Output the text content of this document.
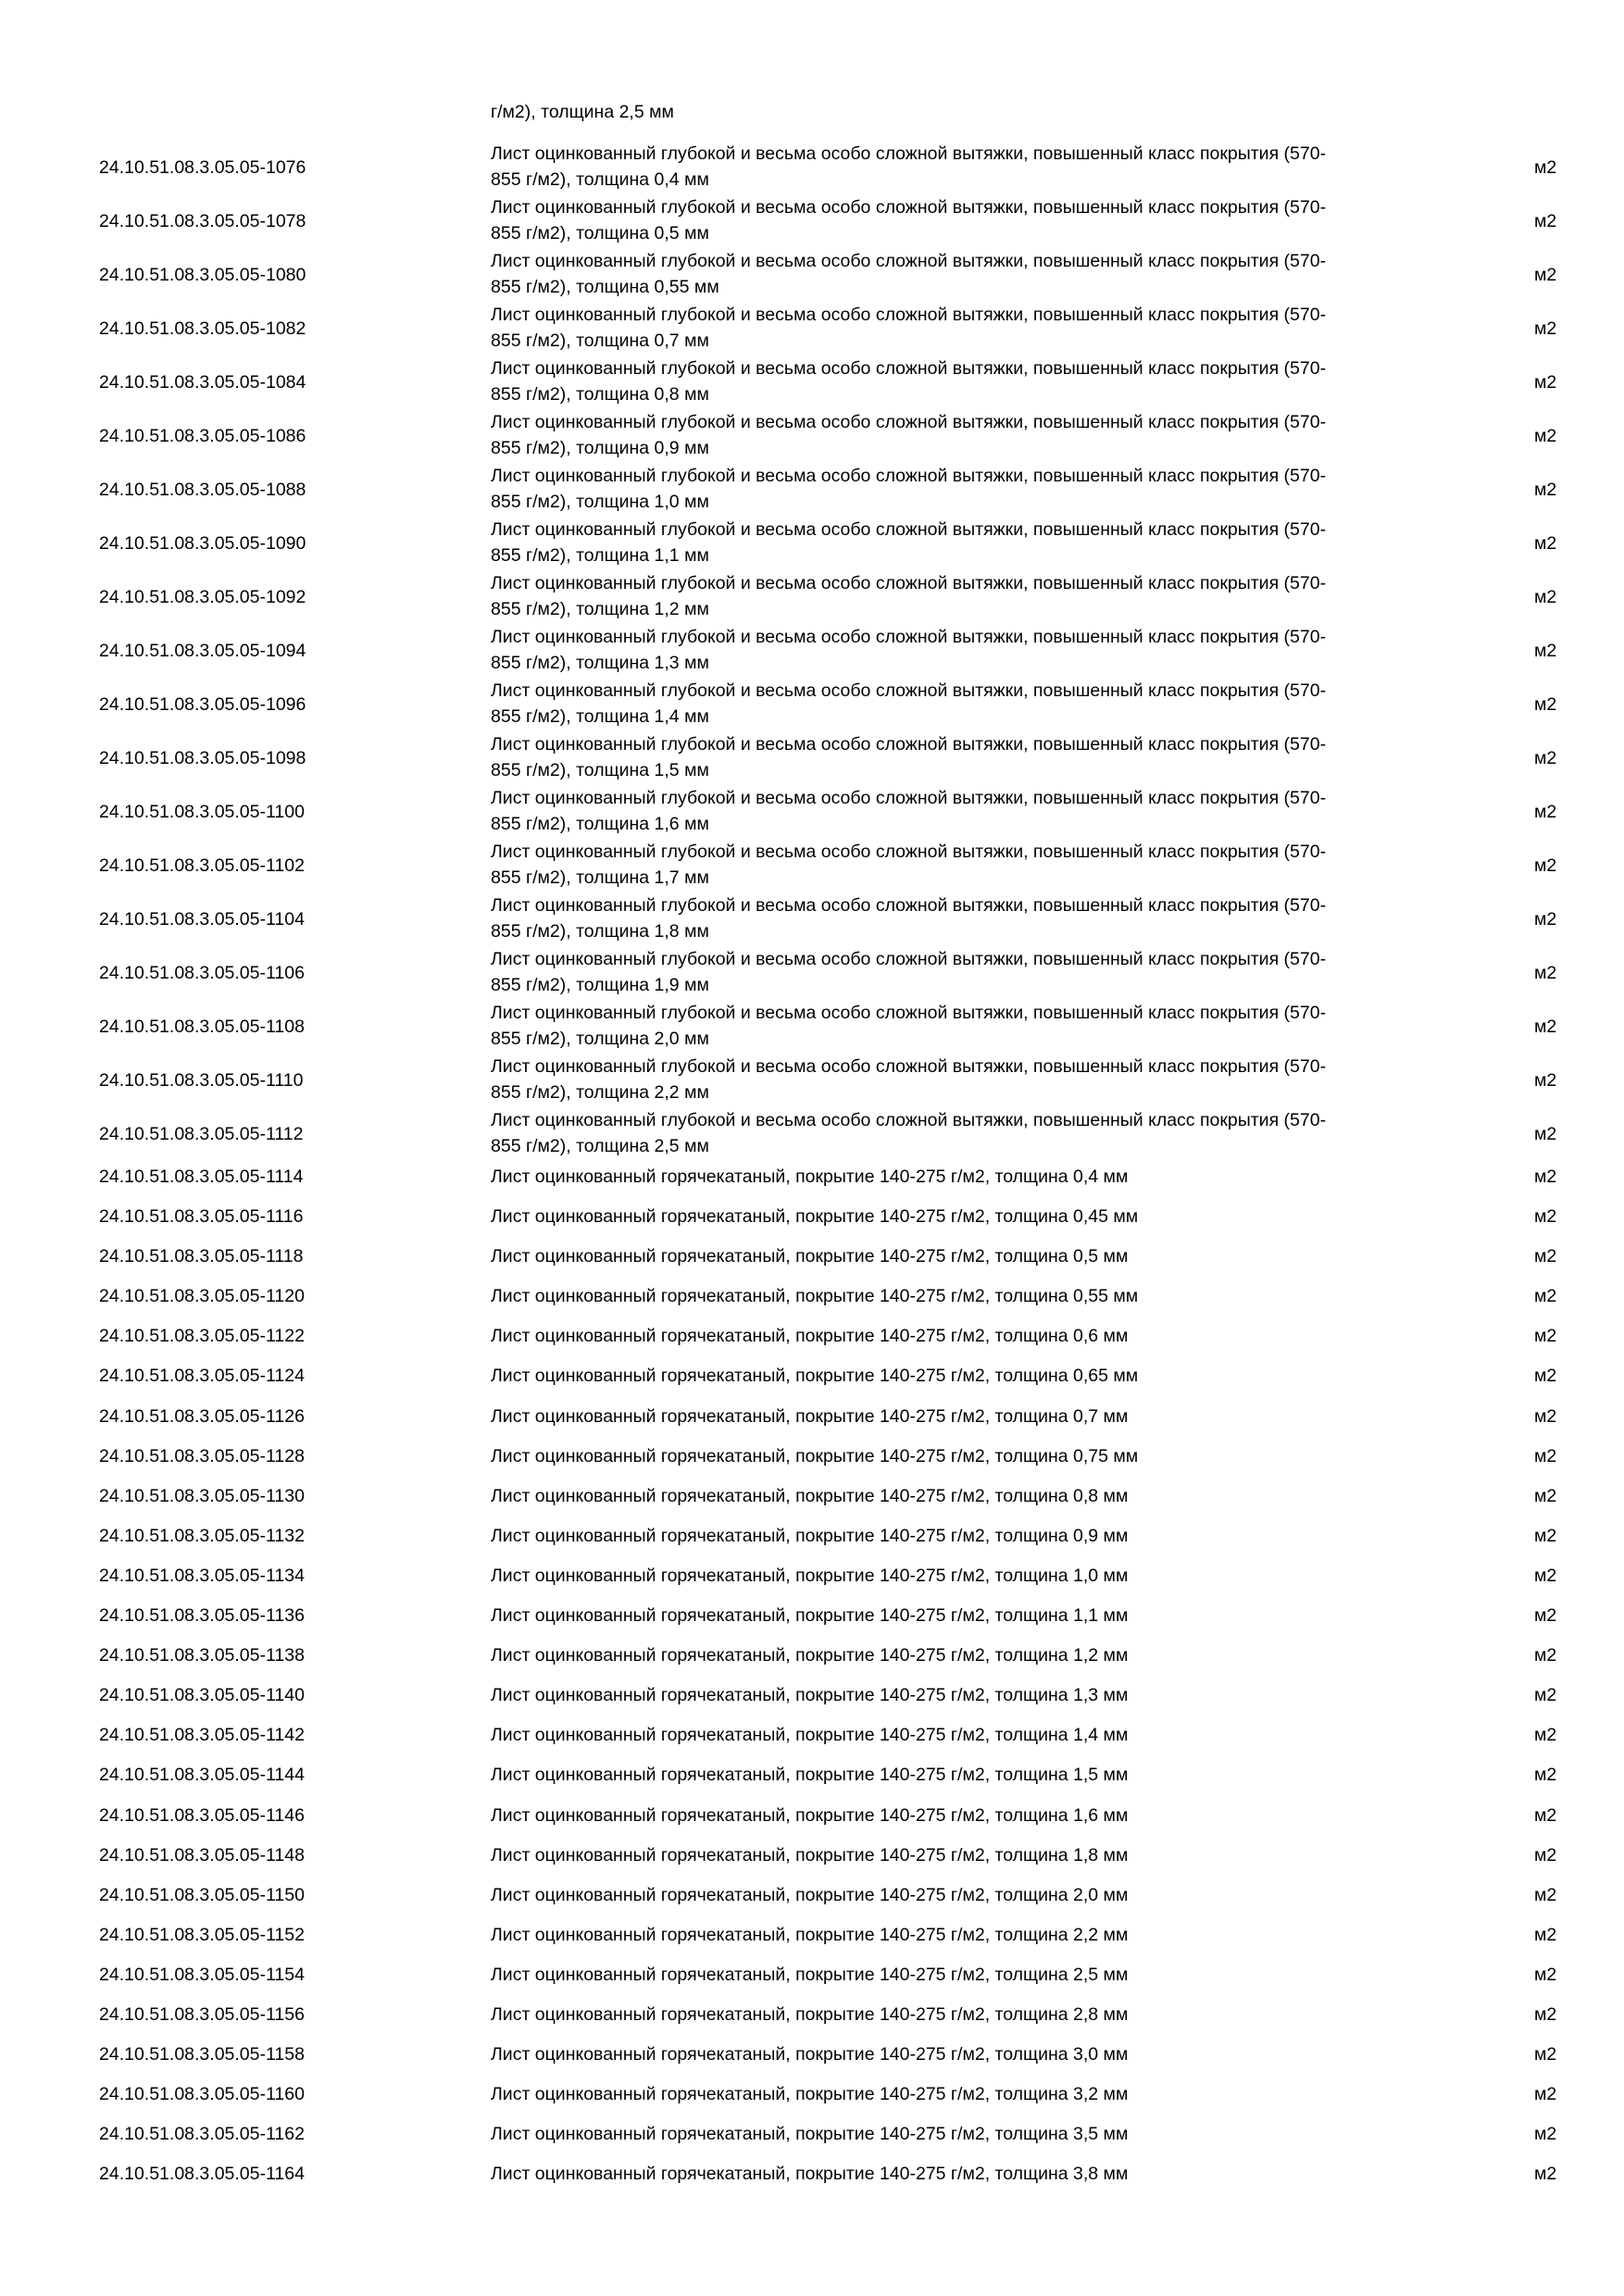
г/м2), толщина 2,5 мм
24.10.51.08.3.05.05-1076
Лист оцинкованный глубокой и весьма особо сложной вытяжки, повышенный класс покрытия (570-
855 г/м2), толщина 0,4 мм
м2
24.10.51.08.3.05.05-1078
Лист оцинкованный глубокой и весьма особо сложной вытяжки, повышенный класс покрытия (570-
855 г/м2), толщина 0,5 мм
м2
24.10.51.08.3.05.05-1080
Лист оцинкованный глубокой и весьма особо сложной вытяжки, повышенный класс покрытия (570-
855 г/м2), толщина 0,55 мм
м2
24.10.51.08.3.05.05-1082
Лист оцинкованный глубокой и весьма особо сложной вытяжки, повышенный класс покрытия (570-
855 г/м2), толщина 0,7 мм
м2
24.10.51.08.3.05.05-1084
Лист оцинкованный глубокой и весьма особо сложной вытяжки, повышенный класс покрытия (570-
855 г/м2), толщина 0,8 мм
м2
24.10.51.08.3.05.05-1086
Лист оцинкованный глубокой и весьма особо сложной вытяжки, повышенный класс покрытия (570-
855 г/м2), толщина 0,9 мм
м2
24.10.51.08.3.05.05-1088
Лист оцинкованный глубокой и весьма особо сложной вытяжки, повышенный класс покрытия (570-
855 г/м2), толщина 1,0 мм
м2
24.10.51.08.3.05.05-1090
Лист оцинкованный глубокой и весьма особо сложной вытяжки, повышенный класс покрытия (570-
855 г/м2), толщина 1,1 мм
м2
24.10.51.08.3.05.05-1092
Лист оцинкованный глубокой и весьма особо сложной вытяжки, повышенный класс покрытия (570-
855 г/м2), толщина 1,2 мм
м2
24.10.51.08.3.05.05-1094
Лист оцинкованный глубокой и весьма особо сложной вытяжки, повышенный класс покрытия (570-
855 г/м2), толщина 1,3 мм
м2
24.10.51.08.3.05.05-1096
Лист оцинкованный глубокой и весьма особо сложной вытяжки, повышенный класс покрытия (570-
855 г/м2), толщина 1,4 мм
м2
24.10.51.08.3.05.05-1098
Лист оцинкованный глубокой и весьма особо сложной вытяжки, повышенный класс покрытия (570-
855 г/м2), толщина 1,5 мм
м2
24.10.51.08.3.05.05-1100
Лист оцинкованный глубокой и весьма особо сложной вытяжки, повышенный класс покрытия (570-
855 г/м2), толщина 1,6 мм
м2
24.10.51.08.3.05.05-1102
Лист оцинкованный глубокой и весьма особо сложной вытяжки, повышенный класс покрытия (570-
855 г/м2), толщина 1,7 мм
м2
24.10.51.08.3.05.05-1104
Лист оцинкованный глубокой и весьма особо сложной вытяжки, повышенный класс покрытия (570-
855 г/м2), толщина 1,8 мм
м2
24.10.51.08.3.05.05-1106
Лист оцинкованный глубокой и весьма особо сложной вытяжки, повышенный класс покрытия (570-
855 г/м2), толщина 1,9 мм
м2
24.10.51.08.3.05.05-1108
Лист оцинкованный глубокой и весьма особо сложной вытяжки, повышенный класс покрытия (570-
855 г/м2), толщина 2,0 мм
м2
24.10.51.08.3.05.05-1110
Лист оцинкованный глубокой и весьма особо сложной вытяжки, повышенный класс покрытия (570-
855 г/м2), толщина 2,2 мм
м2
24.10.51.08.3.05.05-1112
Лист оцинкованный глубокой и весьма особо сложной вытяжки, повышенный класс покрытия (570-
855 г/м2), толщина 2,5 мм
м2
24.10.51.08.3.05.05-1114	Лист оцинкованный горячекатаный, покрытие 140-275 г/м2, толщина 0,4 мм	м2
24.10.51.08.3.05.05-1116	Лист оцинкованный горячекатаный, покрытие 140-275 г/м2, толщина 0,45 мм	м2
24.10.51.08.3.05.05-1118	Лист оцинкованный горячекатаный, покрытие 140-275 г/м2, толщина 0,5 мм	м2
24.10.51.08.3.05.05-1120	Лист оцинкованный горячекатаный, покрытие 140-275 г/м2, толщина 0,55 мм	м2
24.10.51.08.3.05.05-1122	Лист оцинкованный горячекатаный, покрытие 140-275 г/м2, толщина 0,6 мм	м2
24.10.51.08.3.05.05-1124	Лист оцинкованный горячекатаный, покрытие 140-275 г/м2, толщина 0,65 мм	м2
24.10.51.08.3.05.05-1126	Лист оцинкованный горячекатаный, покрытие 140-275 г/м2, толщина 0,7 мм	м2
24.10.51.08.3.05.05-1128	Лист оцинкованный горячекатаный, покрытие 140-275 г/м2, толщина 0,75 мм	м2
24.10.51.08.3.05.05-1130	Лист оцинкованный горячекатаный, покрытие 140-275 г/м2, толщина 0,8 мм	м2
24.10.51.08.3.05.05-1132	Лист оцинкованный горячекатаный, покрытие 140-275 г/м2, толщина 0,9 мм	м2
24.10.51.08.3.05.05-1134	Лист оцинкованный горячекатаный, покрытие 140-275 г/м2, толщина 1,0 мм	м2
24.10.51.08.3.05.05-1136	Лист оцинкованный горячекатаный, покрытие 140-275 г/м2, толщина 1,1 мм	м2
24.10.51.08.3.05.05-1138	Лист оцинкованный горячекатаный, покрытие 140-275 г/м2, толщина 1,2 мм	м2
24.10.51.08.3.05.05-1140	Лист оцинкованный горячекатаный, покрытие 140-275 г/м2, толщина 1,3 мм	м2
24.10.51.08.3.05.05-1142	Лист оцинкованный горячекатаный, покрытие 140-275 г/м2, толщина 1,4 мм	м2
24.10.51.08.3.05.05-1144	Лист оцинкованный горячекатаный, покрытие 140-275 г/м2, толщина 1,5 мм	м2
24.10.51.08.3.05.05-1146	Лист оцинкованный горячекатаный, покрытие 140-275 г/м2, толщина 1,6 мм	м2
24.10.51.08.3.05.05-1148	Лист оцинкованный горячекатаный, покрытие 140-275 г/м2, толщина 1,8 мм	м2
24.10.51.08.3.05.05-1150	Лист оцинкованный горячекатаный, покрытие 140-275 г/м2, толщина 2,0 мм	м2
24.10.51.08.3.05.05-1152	Лист оцинкованный горячекатаный, покрытие 140-275 г/м2, толщина 2,2 мм	м2
24.10.51.08.3.05.05-1154	Лист оцинкованный горячекатаный, покрытие 140-275 г/м2, толщина 2,5 мм	м2
24.10.51.08.3.05.05-1156	Лист оцинкованный горячекатаный, покрытие 140-275 г/м2, толщина 2,8 мм	м2
24.10.51.08.3.05.05-1158	Лист оцинкованный горячекатаный, покрытие 140-275 г/м2, толщина 3,0 мм	м2
24.10.51.08.3.05.05-1160	Лист оцинкованный горячекатаный, покрытие 140-275 г/м2, толщина 3,2 мм	м2
24.10.51.08.3.05.05-1162	Лист оцинкованный горячекатаный, покрытие 140-275 г/м2, толщина 3,5 мм	м2
24.10.51.08.3.05.05-1164	Лист оцинкованный горячекатаный, покрытие 140-275 г/м2, толщина 3,8 мм	м2
